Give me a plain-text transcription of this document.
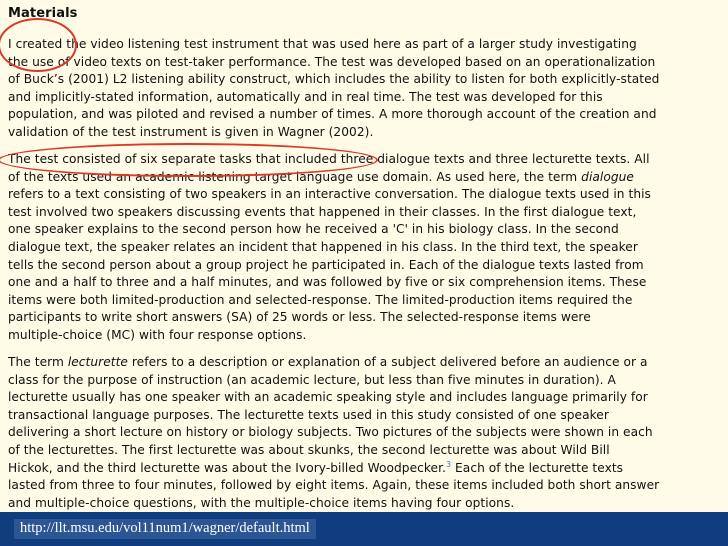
Materials

I created the video listening test instrument that was used here as part of a larger study investigating
the use of video texts on test-taker performance. The test was developed based on an operationalization
of Buck’s (2001) L2 listening ability construct, which includes the ability to listen for both explicitly-stated
and implicitly-stated information, automatically and in real time. The test was developed for this
population, and was piloted and revised a number of times. A more thorough account of the creation and
validation of the test instrument is given in Wagner (2002).

The test consisted of six separate tasks that included three dialogue texts and three lecturette texts. All
of the texts used an academic listening target language use domain. As used here, the term dialogue
refers to a text consisting of two speakers in an interactive conversation. The dialogue texts used in this
test involved two speakers discussing events that happened in their classes. In the first dialogue text,
one speaker explains to the second person how he received a 'C' in his biology class. In the second
dialogue text, the speaker relates an incident that happened in his class. In the third text, the speaker
tells the second person about a group project he participated in. Each of the dialogue texts lasted from
one and a half to three and a half minutes, and was followed by five or six comprehension items. These
items were both limited-production and selected-response. The limited-production items required the
participants to write short answers (SA) of 25 words or less. The selected-response items were
multiple-choice (MC) with four response options.

The term lecturette refers to a description or explanation of a subject delivered before an audience or a
class for the purpose of instruction (an academic lecture, but less than five minutes in duration). A
lecturette usually has one speaker with an academic speaking style and includes language primarily for
transactional language purposes. The lecturette texts used in this study consisted of one speaker
delivering a short lecture on history or biology subjects. Two pictures of the subjects were shown in each
of the lecturettes. The first lecturette was about skunks, the second lecturette was about Wild Bill
Hickok, and the third lecturette was about the Ivory-billed Woodpecker.$^3$ Each of the lecturette texts
lasted from three to four minutes, followed by eight items. Again, these items included both short answer
and multiple-choice questions, with the multiple-choice items having four options.

http://llt.msu.edu/vol11num1/wagner/default.html
